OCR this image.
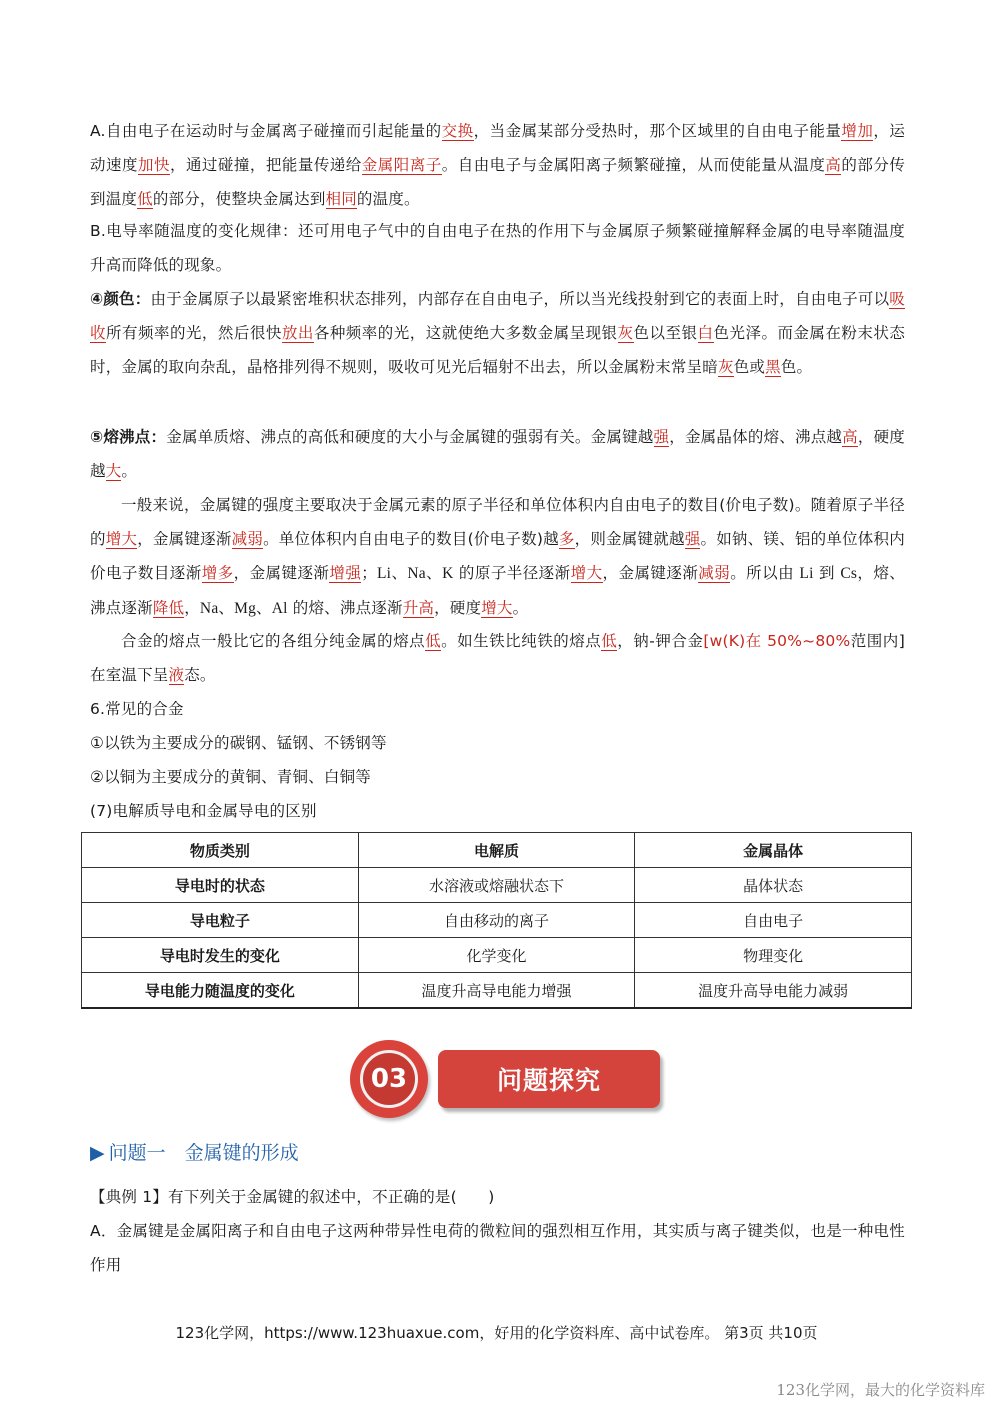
A.自由电子在运动时与金属离子碰撞而引起能量的交换，当金属某部分受热时，那个区域里的自由电子能量增加，运动速度加快，通过碰撞，把能量传递给金属阳离子。自由电子与金属阳离子频繁碰撞，从而使能量从温度高的部分传到温度低的部分，使整块金属达到相同的温度。

B.电导率随温度的变化规律：还可用电子气中的自由电子在热的作用下与金属原子频繁碰撞解释金属的电导率随温度升高而降低的现象。

④颜色：由于金属原子以最紧密堆积状态排列，内部存在自由电子，所以当光线投射到它的表面上时，自由电子可以吸收所有频率的光，然后很快放出各种频率的光，这就使绝大多数金属呈现银灰色以至银白色光泽。而金属在粉末状态时，金属的取向杂乱，晶格排列得不规则，吸收可见光后辐射不出去，所以金属粉末常呈暗灰色或黑色。

⑤熔沸点：金属单质熔、沸点的高低和硬度的大小与金属键的强弱有关。金属键越强，金属晶体的熔、沸点越高，硬度越大。

一般来说，金属键的强度主要取决于金属元素的原子半径和单位体积内自由电子的数目(价电子数)。随着原子半径的增大，金属键逐渐减弱。单位体积内自由电子的数目(价电子数)越多，则金属键就越强。如钠、镁、铝的单位体积内价电子数目逐渐增多，金属键逐渐增强；Li、Na、K 的原子半径逐渐增大，金属键逐渐减弱。所以由 Li 到 Cs，熔、沸点逐渐降低，Na、Mg、Al 的熔、沸点逐渐升高，硬度增大。

合金的熔点一般比它的各组分纯金属的熔点低。如生铁比纯铁的熔点低，钠-钾合金[w(K)在 50%~80%范围内]在室温下呈液态。

6.常见的合金

①以铁为主要成分的碳钢、锰钢、不锈钢等

②以铜为主要成分的黄铜、青铜、白铜等

(7)电解质导电和金属导电的区别

物质类别	电解质	金属晶体
导电时的状态	水溶液或熔融状态下	晶体状态
导电粒子	自由移动的离子	自由电子
导电时发生的变化	化学变化	物理变化
导电能力随温度的变化	温度升高导电能力增强	温度升高导电能力减弱
03	问题探究
▶ 问题一　金属键的形成

【典例 1】有下列关于金属键的叙述中，不正确的是(　　)

A．金属键是金属阳离子和自由电子这两种带异性电荷的微粒间的强烈相互作用，其实质与离子键类似，也是一种电性作用

123化学网，https://www.123huaxue.com，好用的化学资料库、高中试卷库。 第3页 共10页
123化学网，最大的化学资料库
